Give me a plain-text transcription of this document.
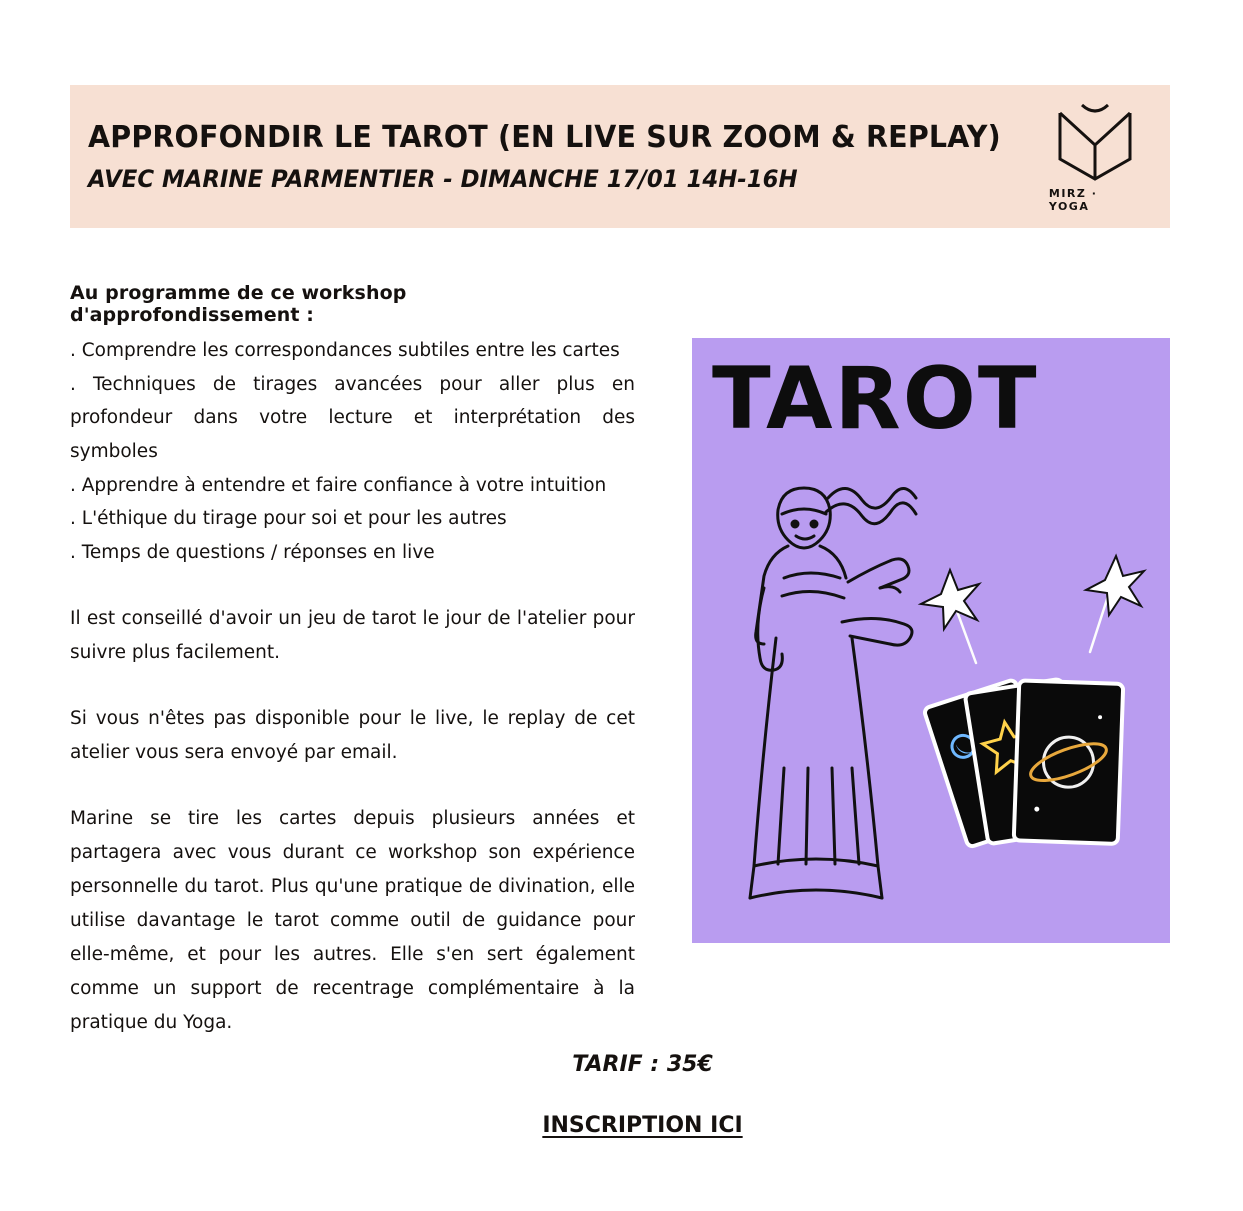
APPROFONDIR LE TAROT (EN LIVE SUR ZOOM & REPLAY)
AVEC MARINE PARMENTIER - DIMANCHE 17/01 14H-16H	MIRZ · YOGA

Au programme de ce workshop d'approfondissement :

. Comprendre les correspondances subtiles entre les cartes
. Techniques de tirages avancées pour aller plus en profondeur dans votre lecture et interprétation des symboles
. Apprendre à entendre et faire confiance à votre intuition
. L'éthique du tirage pour soi et pour les autres
. Temps de questions / réponses en live

Il est conseillé d'avoir un jeu de tarot le jour de l'atelier pour suivre plus facilement.

Si vous n'êtes pas disponible pour le live, le replay de cet atelier vous sera envoyé par email.

Marine se tire les cartes depuis plusieurs années et partagera avec vous durant ce workshop son expérience personnelle du tarot. Plus qu'une pratique de divination, elle utilise davantage le tarot comme outil de guidance pour elle-même, et pour les autres. Elle s'en sert également comme un support de recentrage complémentaire à la pratique du Yoga.

TAROT
TARIF : 35€
INSCRIPTION ICI
